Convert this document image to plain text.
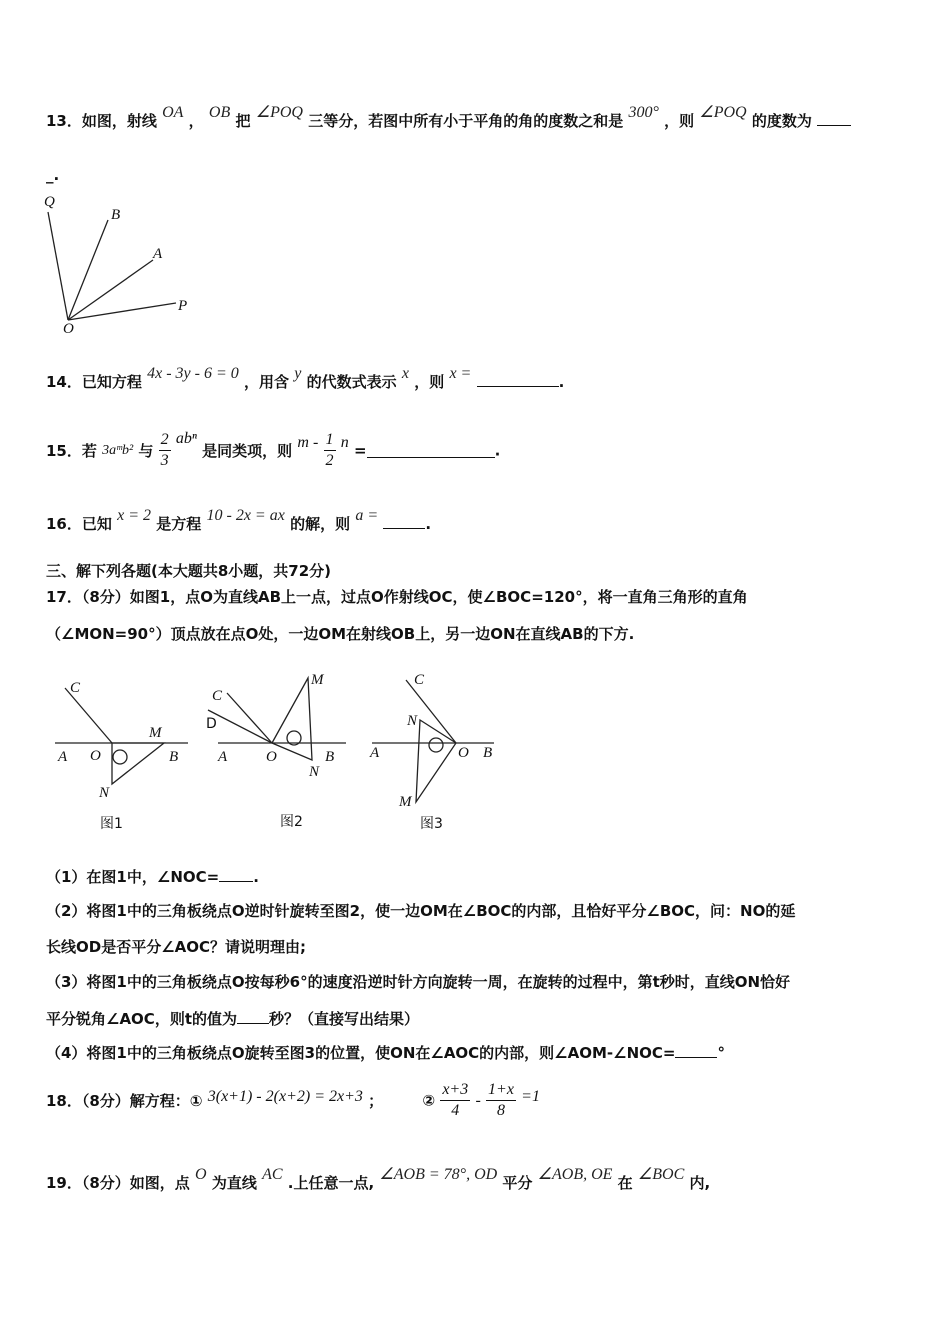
13．如图，射线 OA ， OB 把 ∠POQ 三等分，若图中所有小于平角的角的度数之和是 300° ，则 ∠POQ 的度数为
_.
Q
B
A
P
O
14．已知方程 4x - 3y - 6 = 0 ，用含 y 的代数式表示 x ，则 x =	.
15．若 3aᵐb² 与 $\frac{2}{3}$ abⁿ 是同类项，则 m - $\frac{1}{2}$ n =	.
16．已知 x = 2 是方程 10 - 2x = ax 的解，则 a =	.
三、解下列各题(本大题共8小题，共72分)
17．（8分）如图1，点O为直线AB上一点，过点O作射线OC，使∠BOC=120°，将一直角三角形的直角
（∠MON=90°）顶点放在点O处，一边OM在射线OB上，另一边ON在直线AB的下方.
C
A O
M
B
N
图1
C
D
A	O
M
N
B
图2
C
N
A	O B
M
图3
（1）在图1中，∠NOC= .
（2）将图1中的三角板绕点O逆时针旋转至图2，使一边OM在∠BOC的内部，且恰好平分∠BOC，问：NO的延
长线OD是否平分∠AOC？请说明理由;
（3）将图1中的三角板绕点O按每秒6°的速度沿逆时针方向旋转一周，在旋转的过程中，第t秒时，直线ON恰好
平分锐角∠AOC，则t的值为 秒？（直接写出结果）
（4）将图1中的三角板绕点O旋转至图3的位置，使ON在∠AOC的内部，则∠AOM-∠NOC=	°
18．（8分）解方程：① 3(x+1) - 2(x+2) = 2x+3 ；	② $\frac{x+3}{4} - \frac{1+x}{8} =1$
19．（8分）如图，点 O 为直线 AC .上任意一点, ∠AOB = 78°, OD 平分 ∠AOB, OE 在 ∠BOC 内,
